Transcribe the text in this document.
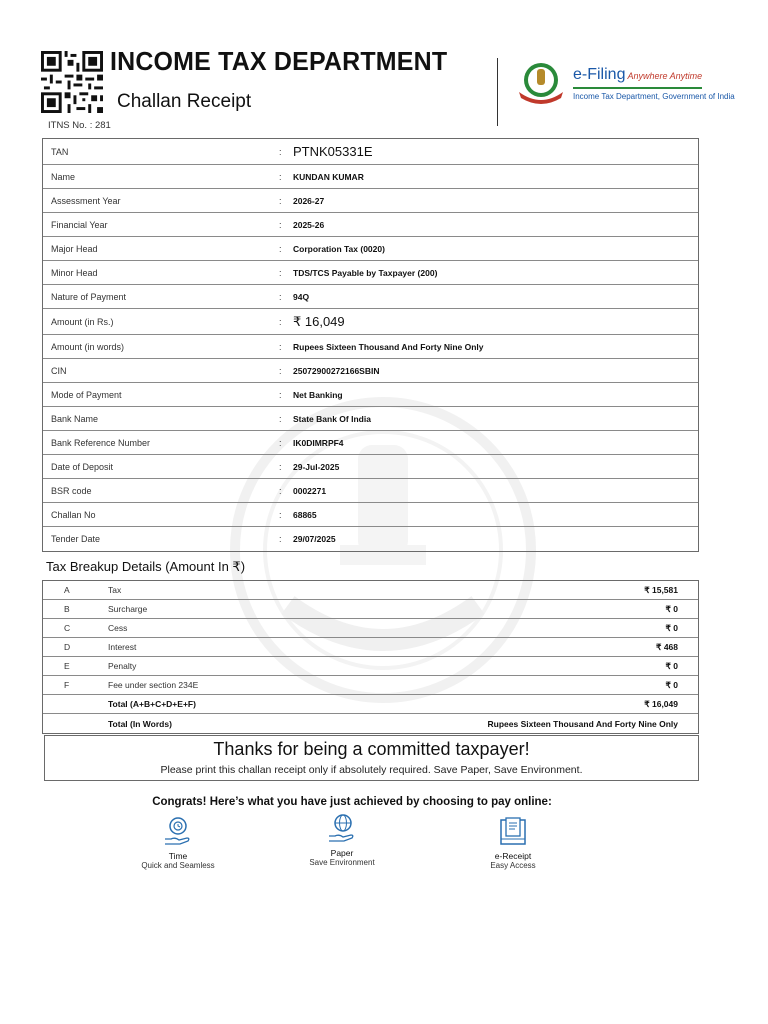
ITNS No. : 281
INCOME TAX DEPARTMENT
Challan Receipt
e-Filing Anywhere Anytime
Income Tax Department, Government of India
TAN	: PTNK05331E
Name	:	KUNDAN KUMAR
Assessment Year	:	2026-27
Financial Year	:	2025-26
Major Head	:	Corporation Tax (0020)
Minor Head	:	TDS/TCS Payable by Taxpayer (200)
Nature of Payment	:	94Q
Amount (in Rs.)	: ₹ 16,049
Amount (in words)	:	Rupees Sixteen Thousand And Forty Nine Only
CIN	:	25072900272166SBIN
Mode of Payment	:	Net Banking
Bank Name	:	State Bank Of India
Bank Reference Number	:	IK0DIMRPF4
Date of Deposit	:	29-Jul-2025
BSR code	:	0002271
Challan No	:	68865
Tender Date	:	29/07/2025
Tax Breakup Details (Amount In ₹)
A	Tax	₹ 15,581
B	Surcharge	₹ 0
C	Cess	₹ 0
D	Interest	₹ 468
E	Penalty	₹ 0
F	Fee under section 234E	₹ 0
Total (A+B+C+D+E+F)	₹ 16,049
Total (In Words)	Rupees Sixteen Thousand And Forty Nine Only
Thanks for being a committed taxpayer!
Please print this challan receipt only if absolutely required. Save Paper, Save Environment.
Congrats! Here’s what you have just achieved by choosing to pay online:
Time
Quick and Seamless
Paper
Save Environment
e-Receipt
Easy Access
